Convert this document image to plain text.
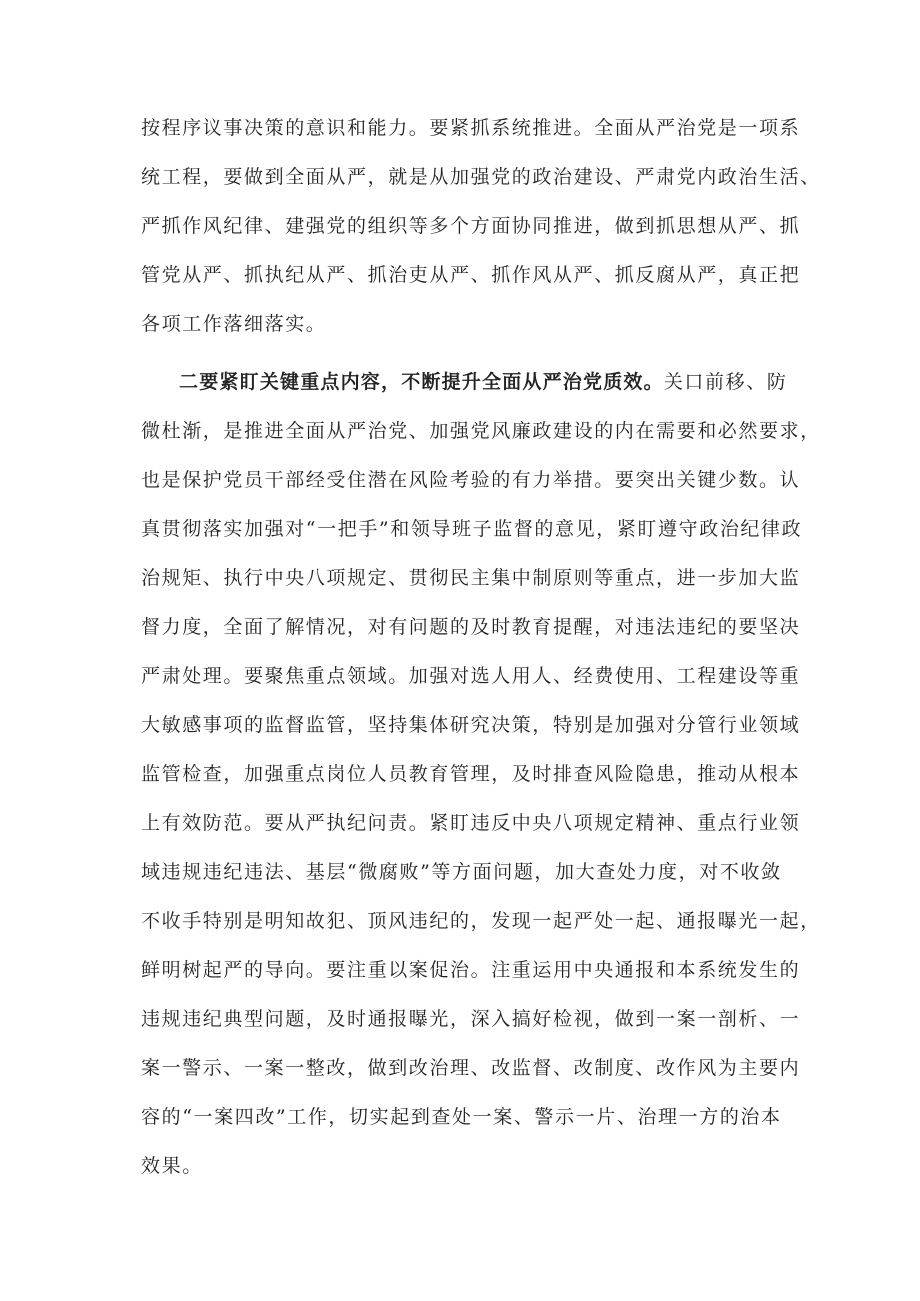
按程序议事决策的意识和能力。要紧抓系统推进。全面从严治党是一项系
统工程，要做到全面从严，就是从加强党的政治建设、严肃党内政治生活、
严抓作风纪律、建强党的组织等多个方面协同推进，做到抓思想从严、抓
管党从严、抓执纪从严、抓治吏从严、抓作风从严、抓反腐从严，真正把
各项工作落细落实。
二要紧盯关键重点内容，不断提升全面从严治党质效。关口前移、防
微杜渐，是推进全面从严治党、加强党风廉政建设的内在需要和必然要求，
也是保护党员干部经受住潜在风险考验的有力举措。要突出关键少数。认
真贯彻落实加强对“一把手”和领导班子监督的意见，紧盯遵守政治纪律政
治规矩、执行中央八项规定、贯彻民主集中制原则等重点，进一步加大监
督力度，全面了解情况，对有问题的及时教育提醒，对违法违纪的要坚决
严肃处理。要聚焦重点领域。加强对选人用人、经费使用、工程建设等重
大敏感事项的监督监管，坚持集体研究决策，特别是加强对分管行业领域
监管检查，加强重点岗位人员教育管理，及时排查风险隐患，推动从根本
上有效防范。要从严执纪问责。紧盯违反中央八项规定精神、重点行业领
域违规违纪违法、基层“微腐败”等方面问题，加大查处力度，对不收敛
不收手特别是明知故犯、顶风违纪的，发现一起严处一起、通报曝光一起，
鲜明树起严的导向。要注重以案促治。注重运用中央通报和本系统发生的
违规违纪典型问题，及时通报曝光，深入搞好检视，做到一案一剖析、一
案一警示、一案一整改，做到改治理、改监督、改制度、改作风为主要内
容的“一案四改”工作，切实起到查处一案、警示一片、治理一方的治本
效果。
